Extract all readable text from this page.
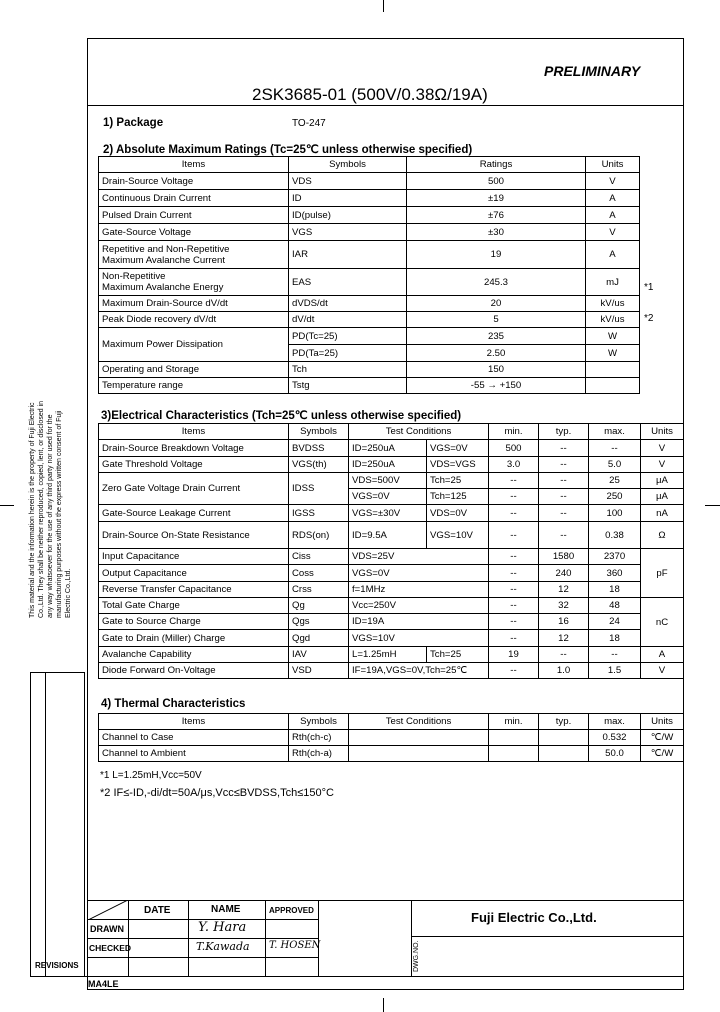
This material and the information herein is the property of Fuji Electric Co.,Ltd. They shall be neither reproduced, copied, lent, or disclosed in any way whatsoever for the use of any third party nor used for the manufacturing purposes without the express written consent of Fuji Electric Co.,Ltd.
REVISIONS
PRELIMINARY
2SK3685-01 (500V/0.38Ω/19A)
1) Package	TO-247
2) Absolute Maximum Ratings (Tc=25℃ unless otherwise specified)
Items	Symbols	Ratings	Units
Drain-Source Voltage	VDS	500	V
Continuous Drain Current	ID	±19	A
Pulsed Drain Current	ID(pulse)	±76	A
Gate-Source Voltage	VGS	±30	V

Repetitive and Non-Repetitive
Maximum Avalanche Current	IAR	19	A

Non-Repetitive
Maximum Avalanche Energy	EAS	245.3	mJ
Maximum Drain-Source dV/dt	dVDS/dt	20	kV/us
Peak Diode recovery dV/dt	dV/dt	5	kV/us
Maximum Power Dissipation	PD(Tc=25)	235	W
	PD(Ta=25)	2.50	W
Operating and Storage	Tch	150	
Temperature range	Tstg	-55 → +150	
*1
*2
3)Electrical Characteristics (Tch=25℃ unless otherwise specified)
Items	Symbols	Test Conditions		min.	typ.	max.	Units
Drain-Source Breakdown Voltage	BVDSS	ID=250uA	VGS=0V	500	--	--	V
Gate Threshold Voltage	VGS(th)	ID=250uA	VDS=VGS	3.0	--	5.0	V
Zero Gate Voltage Drain Current	IDSS	VDS=500V	Tch=25	--	--	25	μA
		VGS=0V	Tch=125	--	--	250	μA
Gate-Source Leakage Current	IGSS	VGS=±30V	VDS=0V	--	--	100	nA
Drain-Source On-State Resistance	RDS(on)	ID=9.5A	VGS=10V	--	--	0.38	Ω
Input Capacitance	Ciss	VDS=25V		--	1580	2370	pF
Output Capacitance	Coss	VGS=0V		--	240	360	
Reverse Transfer Capacitance	Crss	f=1MHz		--	12	18	
Total Gate Charge	Qg	Vcc=250V		--	32	48	nC
Gate to Source Charge	Qgs	ID=19A		--	16	24	
Gate to Drain (Miller) Charge	Qgd	VGS=10V		--	12	18	
Avalanche Capability	IAV	L=1.25mH	Tch=25	19	--	--	A
Diode Forward On-Voltage	VSD	IF=19A,VGS=0V,Tch=25℃		--	1.0	1.5	V
4) Thermal Characteristics
Items	Symbols	Test Conditions	min.	typ.	max.	Units
Channel to Case	Rth(ch-c)				0.532	℃/W
Channel to Ambient	Rth(ch-a)				50.0	℃/W
*1 L=1.25mH,Vcc=50V
*2 IF≤-ID,-di/dt=50A/μs,Vcc≤BVDSS,Tch≤150°C
DATE	NAME	APPROVED
DRAWN
CHECKED
Y. Hara
T.Kawada T. HOSEN
Fuji Electric Co.,Ltd.
DWG.NO.
MA4LE
